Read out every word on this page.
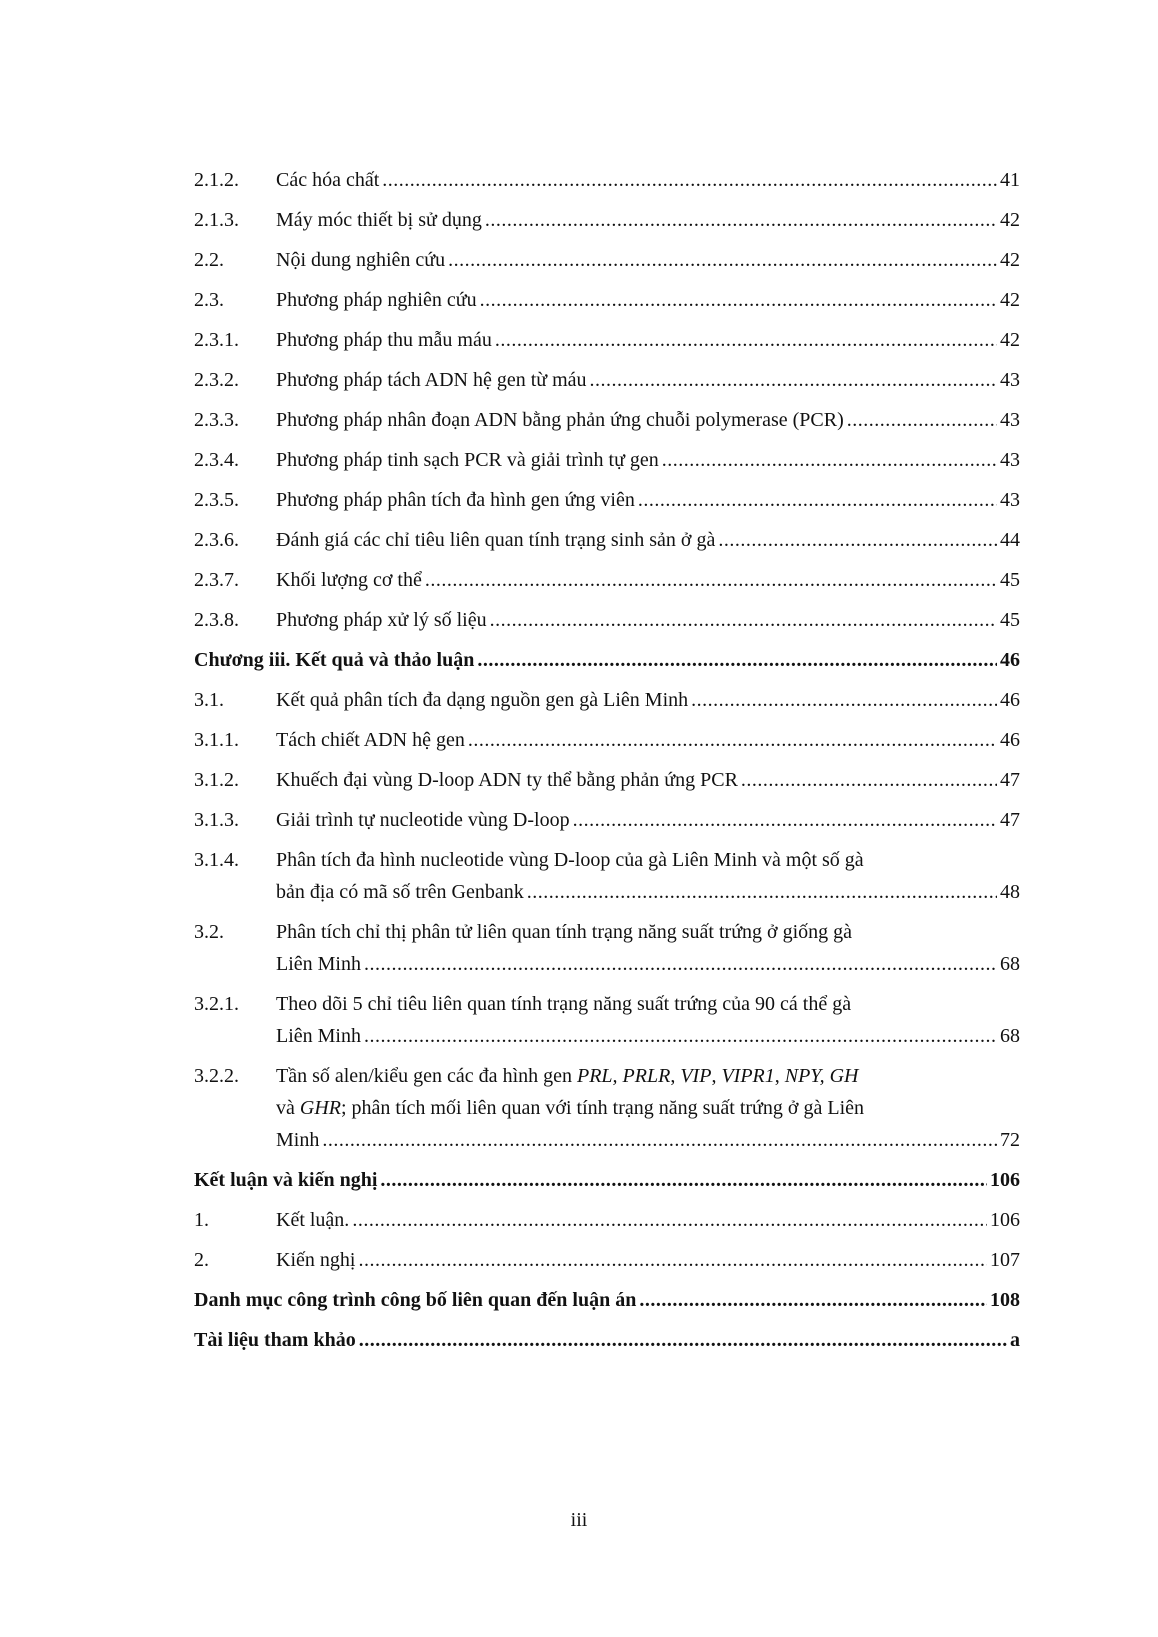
2.1.2. Các hóa chất .....	41
2.1.3. Máy móc thiết bị sử dụng .....	42
2.2.	Nội dung nghiên cứu .....	42
2.3.	Phương pháp nghiên cứu .....	42
2.3.1. Phương pháp thu mẫu máu .....	42
2.3.2. Phương pháp tách ADN hệ gen từ máu .....	43
2.3.3. Phương pháp nhân đoạn ADN bằng phản ứng chuỗi polymerase (PCR) .....	43
2.3.4. Phương pháp tinh sạch PCR và giải trình tự gen .....	43
2.3.5. Phương pháp phân tích đa hình gen ứng viên .....	43
2.3.6. Đánh giá các chỉ tiêu liên quan tính trạng sinh sản ở gà .....	44
2.3.7. Khối lượng cơ thể .....	45
2.3.8. Phương pháp xử lý số liệu .....	45
Chương iii. Kết quả và thảo luận .....	46
3.1.	Kết quả phân tích đa dạng nguồn gen gà Liên Minh .....	46
3.1.1. Tách chiết ADN hệ gen .....	46
3.1.2. Khuếch đại vùng D-loop ADN ty thể bằng phản ứng PCR .....	47
3.1.3. Giải trình tự nucleotide vùng D-loop .....	47
3.1.4. Phân tích đa hình nucleotide vùng D-loop của gà Liên Minh và một số gà
bản địa có mã số trên Genbank .....	48
3.2.	Phân tích chỉ thị phân tử liên quan tính trạng năng suất trứng ở giống gà
Liên Minh .....	68
3.2.1. Theo dõi 5 chỉ tiêu liên quan tính trạng năng suất trứng của 90 cá thể gà
Liên Minh .....	68
3.2.2. Tần số alen/kiểu gen các đa hình gen PRL, PRLR, VIP, VIPR1, NPY, GH
và GHR; phân tích mối liên quan với tính trạng năng suất trứng ở gà Liên
Minh .....	72
Kết luận và kiến nghị .....	106
1.	Kết luận. .....	106
2.	Kiến nghị .....	107
Danh mục công trình công bố liên quan đến luận án .....	108
Tài liệu tham khảo .....	a
iii
